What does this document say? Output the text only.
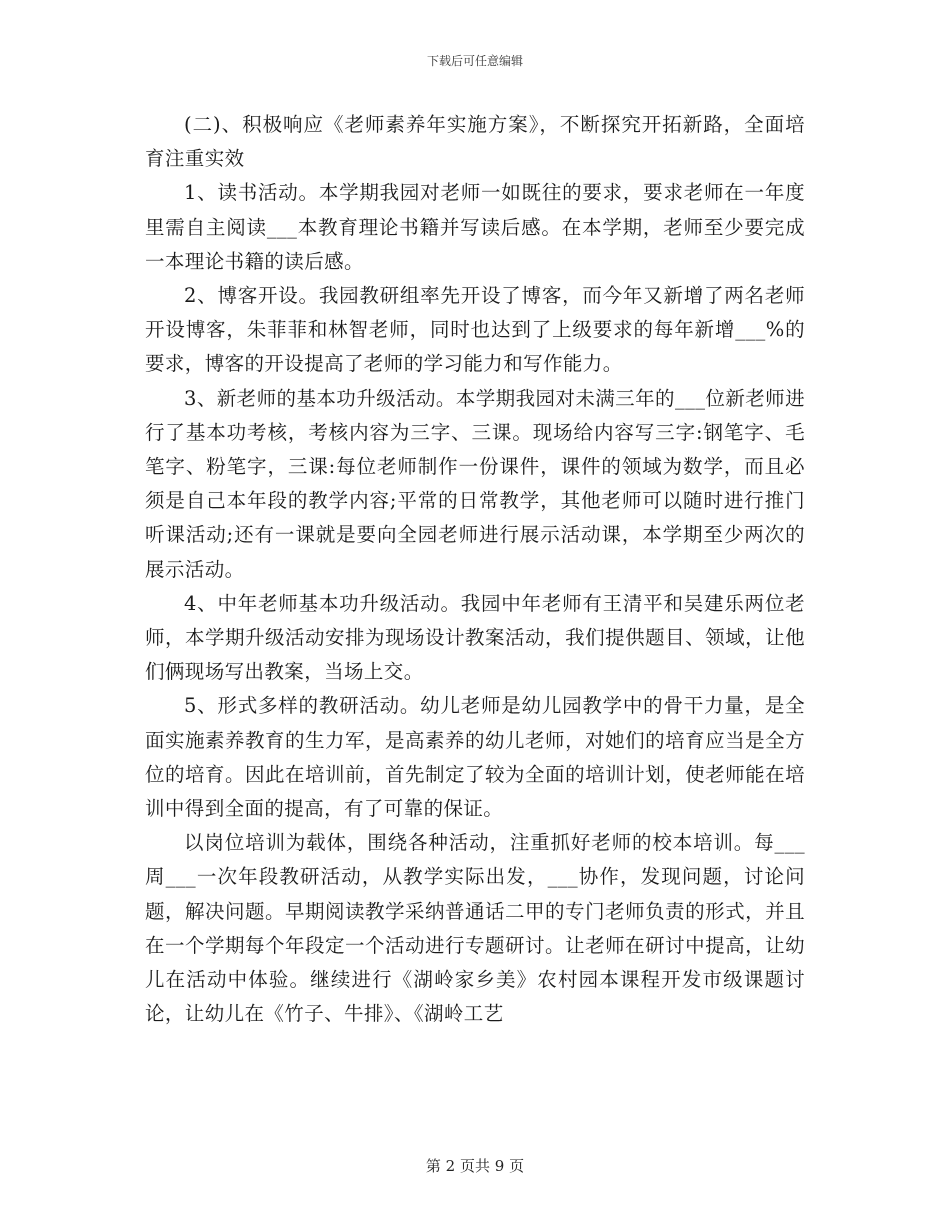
下载后可任意编辑

(二)、积极响应《老师素养年实施方案》，不断探究开拓新路，全面培育注重实效

1、读书活动。本学期我园对老师一如既往的要求，要求老师在一年度里需自主阅读___本教育理论书籍并写读后感。在本学期，老师至少要完成一本理论书籍的读后感。

2、博客开设。我园教研组率先开设了博客，而今年又新增了两名老师开设博客，朱菲菲和林智老师，同时也达到了上级要求的每年新增___%的要求，博客的开设提高了老师的学习能力和写作能力。

3、新老师的基本功升级活动。本学期我园对未满三年的___位新老师进行了基本功考核，考核内容为三字、三课。现场给内容写三字:钢笔字、毛笔字、粉笔字，三课:每位老师制作一份课件，课件的领域为数学，而且必须是自己本年段的教学内容;平常的日常教学，其他老师可以随时进行推门听课活动;还有一课就是要向全园老师进行展示活动课，本学期至少两次的展示活动。

4、中年老师基本功升级活动。我园中年老师有王清平和吴建乐两位老师，本学期升级活动安排为现场设计教案活动，我们提供题目、领域，让他们俩现场写出教案，当场上交。

5、形式多样的教研活动。幼儿老师是幼儿园教学中的骨干力量，是全面实施素养教育的生力军，是高素养的幼儿老师，对她们的培育应当是全方位的培育。因此在培训前，首先制定了较为全面的培训计划，使老师能在培训中得到全面的提高，有了可靠的保证。

以岗位培训为载体，围绕各种活动，注重抓好老师的校本培训。每___周___一次年段教研活动，从教学实际出发，___协作，发现问题，讨论问题，解决问题。早期阅读教学采纳普通话二甲的专门老师负责的形式，并且在一个学期每个年段定一个活动进行专题研讨。让老师在研讨中提高，让幼儿在活动中体验。继续进行《湖岭家乡美》农村园本课程开发市级课题讨论，让幼儿在《竹子、牛排》、《湖岭工艺

第 2 页共 9 页
